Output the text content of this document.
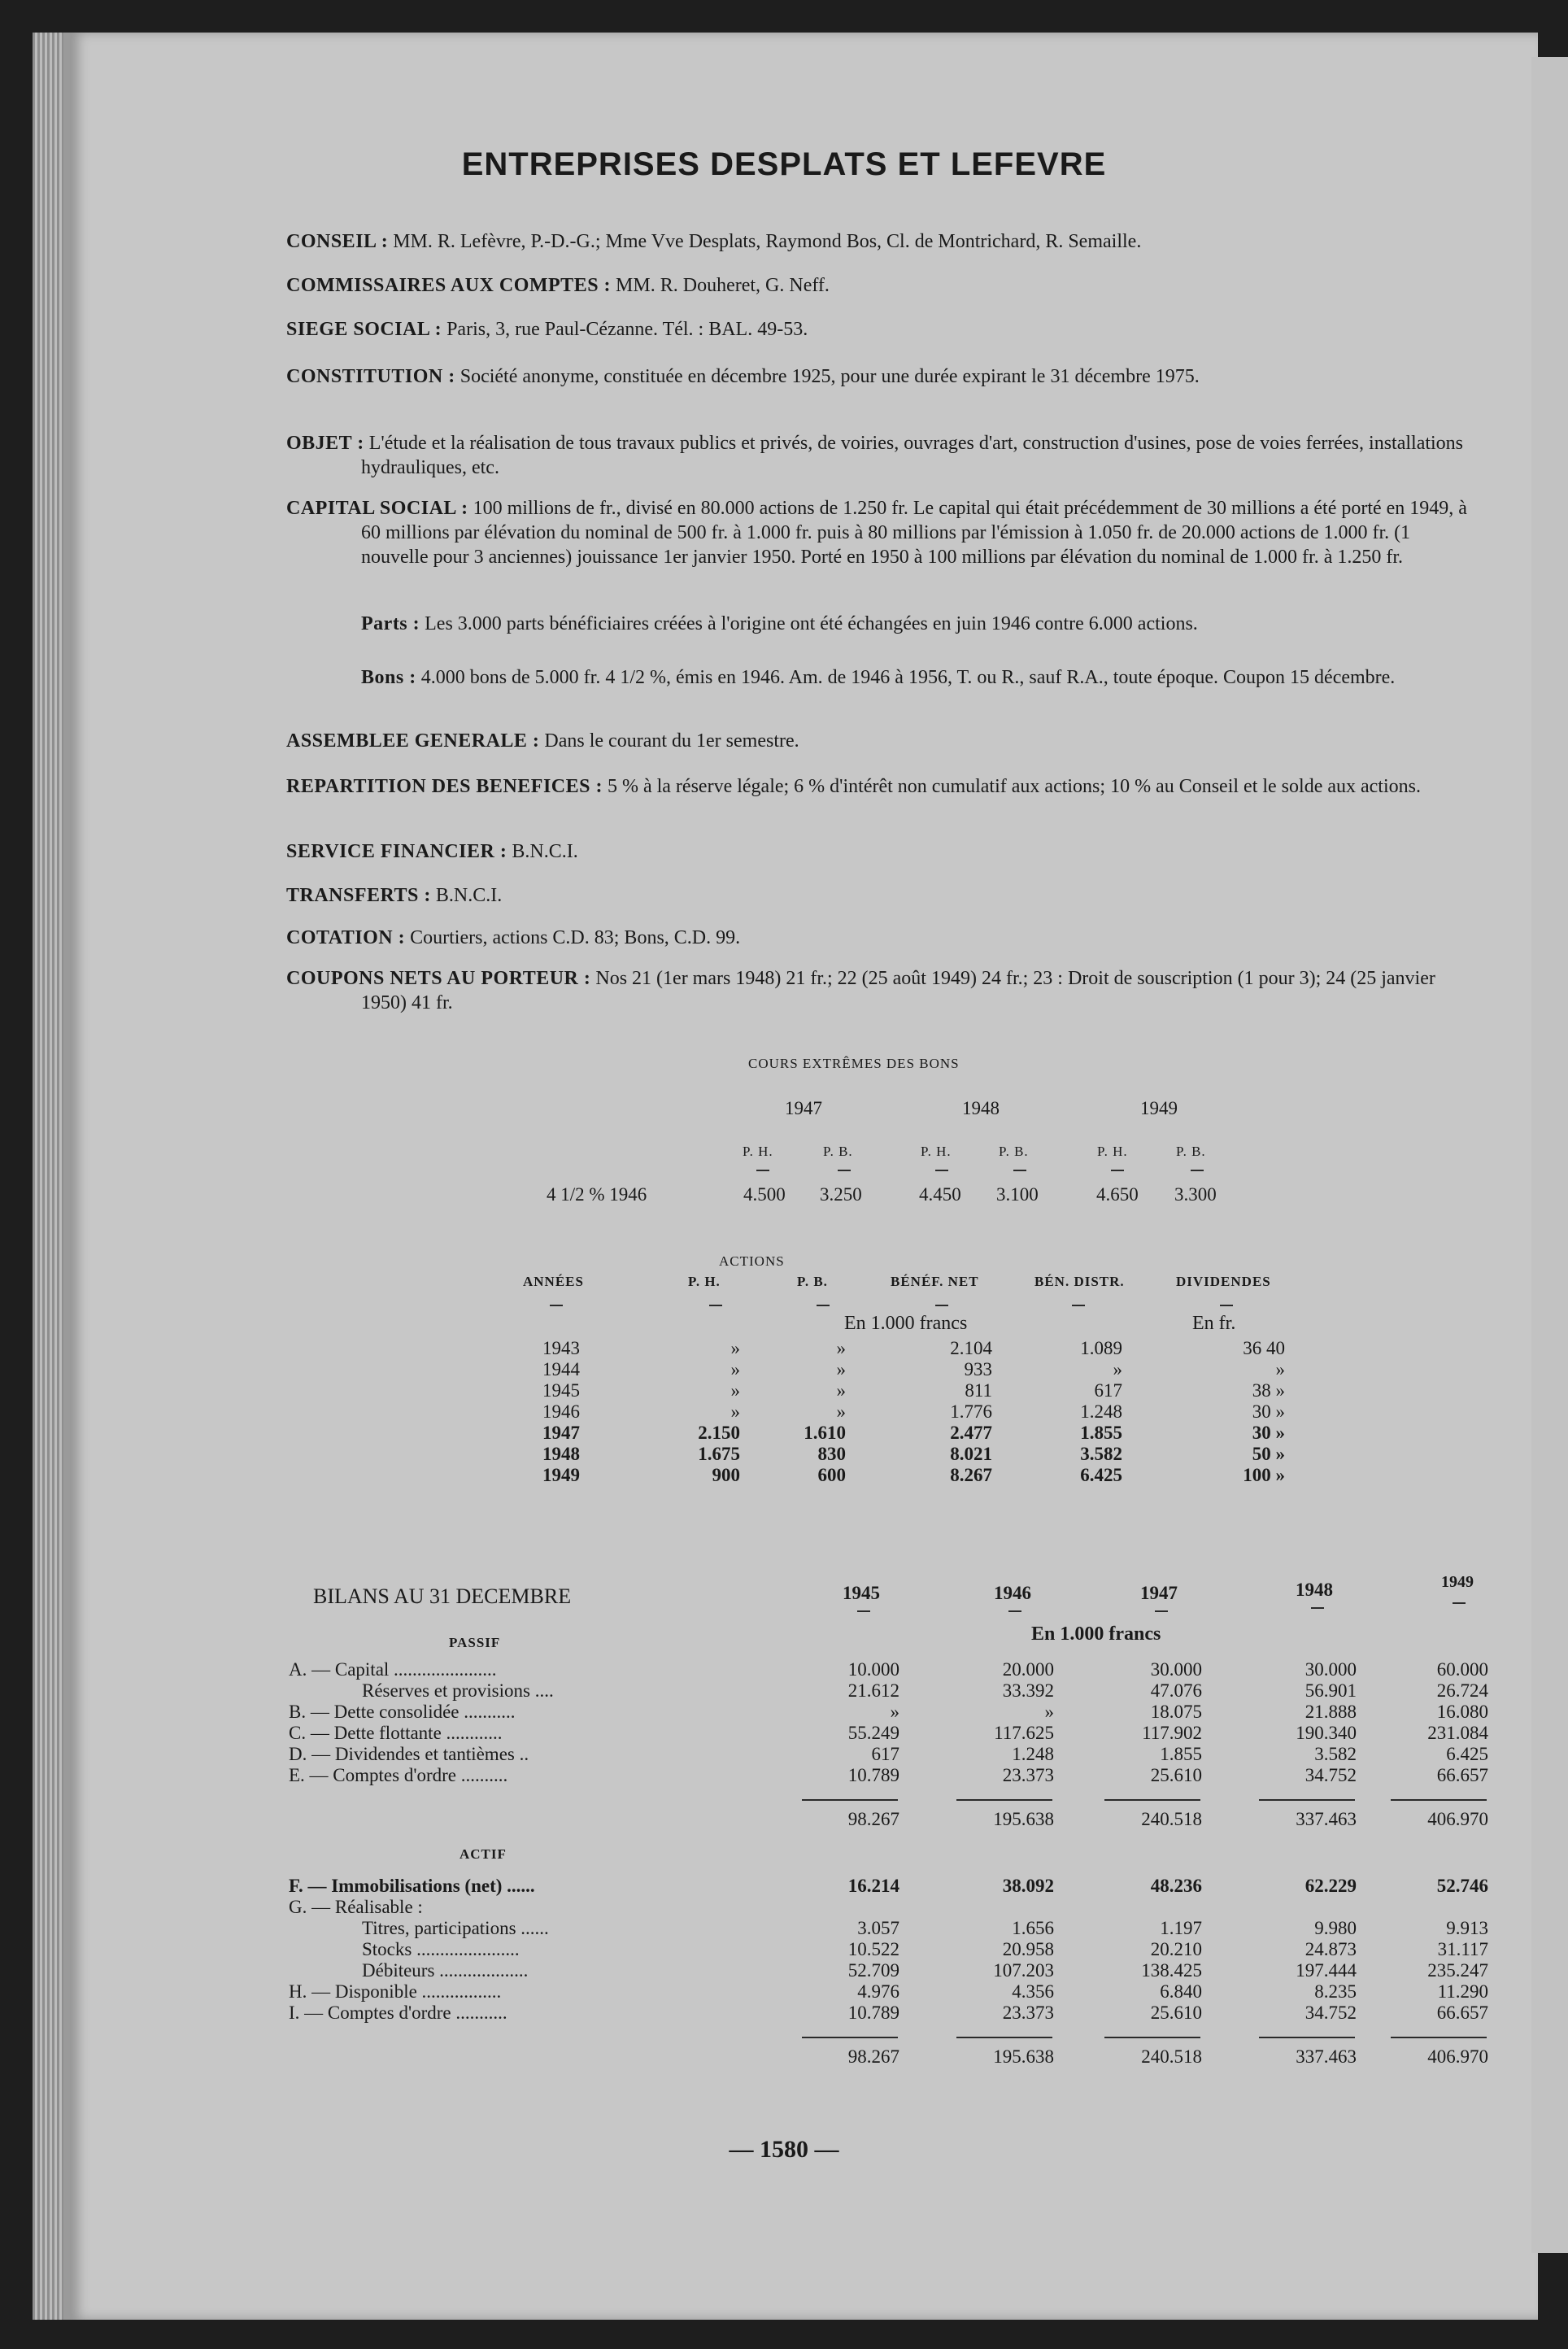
ENTREPRISES DESPLATS ET LEFEVRE
CONSEIL : MM. R. Lefèvre, P.-D.-G.; Mme Vve Desplats, Raymond Bos, Cl. de Montrichard, R. Semaille.
COMMISSAIRES AUX COMPTES : MM. R. Douheret, G. Neff.
SIEGE SOCIAL : Paris, 3, rue Paul-Cézanne. Tél. : BAL. 49-53.
CONSTITUTION : Société anonyme, constituée en décembre 1925, pour une durée expirant le 31 décembre 1975.
OBJET : L'étude et la réalisation de tous travaux publics et privés, de voiries, ouvrages d'art, construction d'usines, pose de voies ferrées, installations hydrauliques, etc.
CAPITAL SOCIAL : 100 millions de fr., divisé en 80.000 actions de 1.250 fr. Le capital qui était précédemment de 30 millions a été porté en 1949, à 60 millions par élévation du nominal de 500 fr. à 1.000 fr. puis à 80 millions par l'émission à 1.050 fr. de 20.000 actions de 1.000 fr. (1 nouvelle pour 3 anciennes) jouissance 1er janvier 1950. Porté en 1950 à 100 millions par élévation du nominal de 1.000 fr. à 1.250 fr.
Parts : Les 3.000 parts bénéficiaires créées à l'origine ont été échangées en juin 1946 contre 6.000 actions.
Bons : 4.000 bons de 5.000 fr. 4 1/2 %, émis en 1946. Am. de 1946 à 1956, T. ou R., sauf R.A., toute époque. Coupon 15 décembre.
ASSEMBLEE GENERALE : Dans le courant du 1er semestre.
REPARTITION DES BENEFICES : 5 % à la réserve légale; 6 % d'intérêt non cumulatif aux actions; 10 % au Conseil et le solde aux actions.
SERVICE FINANCIER : B.N.C.I.
TRANSFERTS : B.N.C.I.
COTATION : Courtiers, actions C.D. 83; Bons, C.D. 99.
COUPONS NETS AU PORTEUR : Nos 21 (1er mars 1948) 21 fr.; 22 (25 août 1949) 24 fr.; 23 : Droit de souscription (1 pour 3); 24 (25 janvier 1950) 41 fr.
COURS EXTRÊMES DES BONS
1947	1948	1949
P. H.	P. B.	P. H.	P. B.	P. H.	P. B.
4 1/2 % 1946	4.500 3.250	4.450 3.100	4.650 3.300
ACTIONS
ANNÉES	P. H.	P. B.	BÉNÉF. NET	BÉN. DISTR.	DIVIDENDES
En 1.000 francs	En fr.
1943	»	»	2.104	1.089	36 40
1944	»	»	933	»	»
1945	»	»	811	617	38 »
1946	»	»	1.776	1.248	30 »
1947	2.150	1.610	2.477	1.855	30 »
1948	1.675	830	8.021	3.582	50 »
1949	900	600	8.267	6.425	100 »
BILANS AU 31 DECEMBRE	1945	1946	1947	1948	1949
En 1.000 francs
PASSIF
ACTIF
A. — Capital ......................	10.000	20.000	30.000	30.000	60.000
Réserves et provisions ....	21.612	33.392	47.076	56.901	26.724
B. — Dette consolidée ...........	»	»	18.075	21.888	16.080
C. — Dette flottante ............	55.249	117.625	117.902	190.340	231.084
D. — Dividendes et tantièmes ..	617	1.248	1.855	3.582	6.425
E. — Comptes d'ordre ..........	10.789	23.373	25.610	34.752	66.657
98.267	195.638	240.518	337.463	406.970
F. — Immobilisations (net) ......	16.214	38.092	48.236	62.229	52.746
G. — Réalisable :
Titres, participations ......	3.057	1.656	1.197	9.980	9.913
Stocks ......................	10.522	20.958	20.210	24.873	31.117
Débiteurs ...................	52.709	107.203	138.425	197.444	235.247
H. — Disponible .................	4.976	4.356	6.840	8.235	11.290
I. — Comptes d'ordre ...........	10.789	23.373	25.610	34.752	66.657
98.267	195.638	240.518	337.463	406.970
— 1580 —
